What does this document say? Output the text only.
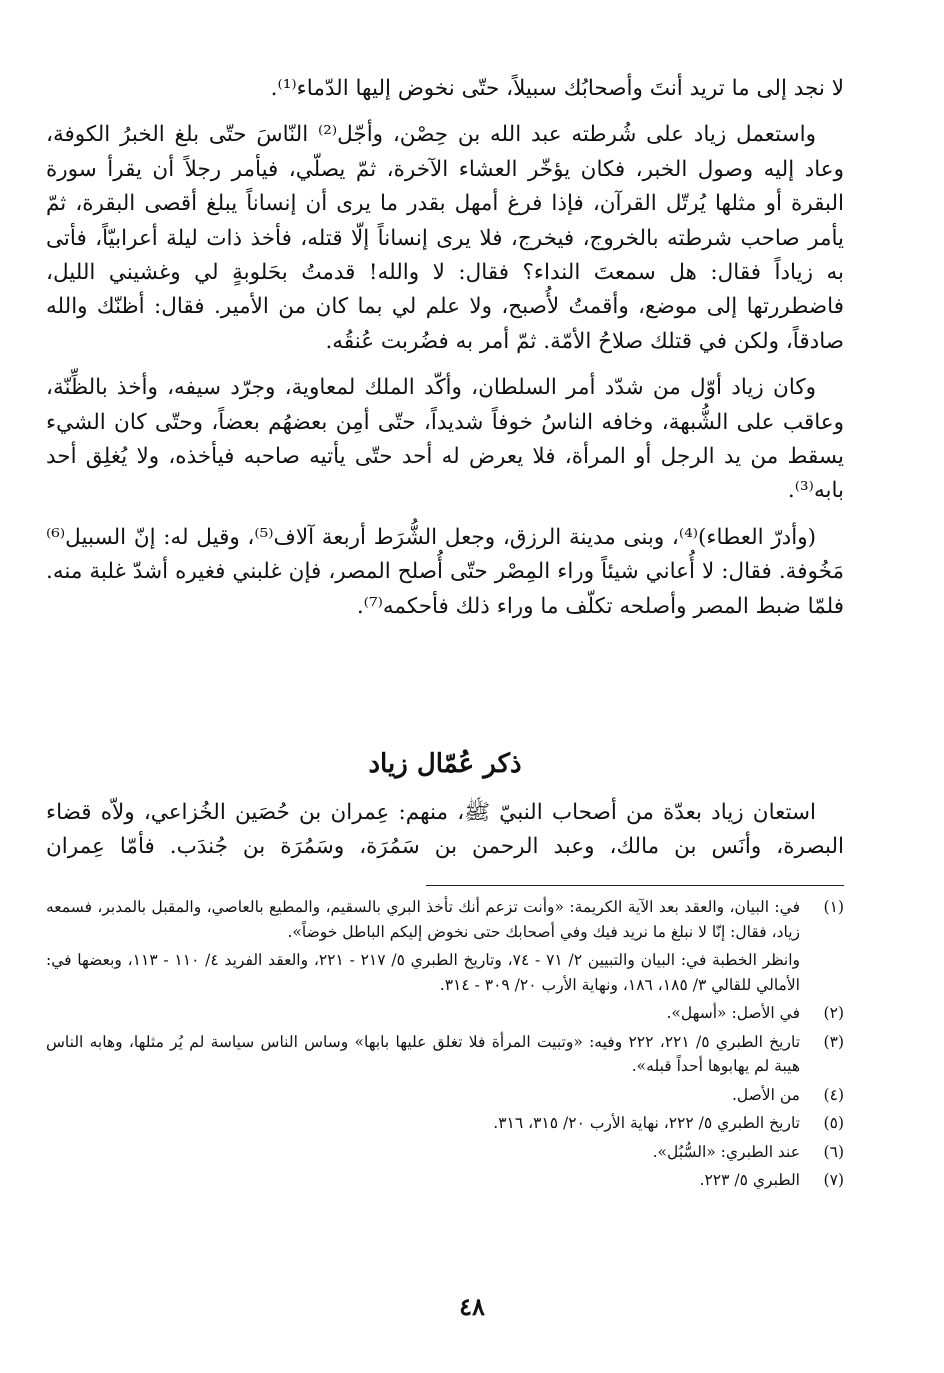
لا نجد إلى ما تريد أنتَ وأصحابُك سبيلاً، حتّى نخوض إليها الدّماء⁽¹⁾.

واستعمل زياد على شُرطته عبد الله بن حِصْن، وأجّل⁽²⁾ النّاسَ حتّى بلغ الخبرُ الكوفة، وعاد إليه وصول الخبر، فكان يؤخّر العشاء الآخرة، ثمّ يصلّي، فيأمر رجلاً أن يقرأ سورة البقرة أو مثلها يُرتّل القرآن، فإذا فرغ أمهل بقدر ما يرى أن إنساناً يبلغ أقصى البقرة، ثمّ يأمر صاحب شرطته بالخروج، فيخرج، فلا يرى إنساناً إلّا قتله، فأخذ ذات ليلة أعرابيّاً، فأتى به زياداً فقال: هل سمعتَ النداء؟ فقال: لا والله! قدمتُ بحَلوبةٍ لي وغشيني الليل، فاضطررتها إلى موضع، وأقمتُ لأُصبح، ولا علم لي بما كان من الأمير. فقال: أظنّك والله صادقاً، ولكن في قتلك صلاحُ الأمّة. ثمّ أمر به فضُربت عُنقُه.

وكان زياد أوّل من شدّد أمر السلطان، وأكّد الملك لمعاوية، وجرّد سيفه، وأخذ بالظِّنّة، وعاقب على الشُّبهة، وخافه الناسُ خوفاً شديداً، حتّى أمِن بعضهُم بعضاً، وحتّى كان الشيء يسقط من يد الرجل أو المرأة، فلا يعرض له أحد حتّى يأتيه صاحبه فيأخذه، ولا يُغلِق أحد بابه⁽³⁾.

(وأدرّ العطاء)⁽⁴⁾، وبنى مدينة الرزق، وجعل الشُّرَط أربعة آلاف⁽⁵⁾، وقيل له: إنّ السبيل⁽⁶⁾ مَخُوفة. فقال: لا أُعاني شيئاً وراء المِصْر حتّى أُصلح المصر، فإن غلبني فغيره أشدّ غلبة منه. فلمّا ضبط المصر وأصلحه تكلّف ما وراء ذلك فأحكمه⁽⁷⁾.

ذكر عُمّال زياد

استعان زياد بعدّة من أصحاب النبيّ ﷺ، منهم: عِمران بن حُصَين الخُزاعي، ولاّه قضاء البصرة، وأنَس بن مالك، وعبد الرحمن بن سَمُرَة، وسَمُرَة بن جُندَب. فأمّا عِمران

(١)
في: البيان، والعقد بعد الآية الكريمة: «وأنت تزعم أنك تأخذ البري بالسقيم، والمطيع بالعاصي، والمقبل بالمدبر، فسمعه زياد، فقال: إنّا لا نبلغ ما نريد فيك وفي أصحابك حتى نخوض إليكم الباطل خوضاً».
وانظر الخطبة في: البيان والتبيين ٢/ ٧١ - ٧٤، وتاريخ الطبري ٥/ ٢١٧ - ٢٢١، والعقد الفريد ٤/ ١١٠ - ١١٣، وبعضها في: الأمالي للقالي ٣/ ١٨٥، ١٨٦، ونهاية الأرب ٢٠/ ٣٠٩ - ٣١٤.
(٢)
في الأصل: «أسهل».
(٣)
تاريخ الطبري ٥/ ٢٢١، ٢٢٢ وفيه: «وتبيت المرأة فلا تغلق عليها بابها» وساس الناس سياسة لم يُر مثلها، وهابه الناس هيبة لم يهابوها أحداً قبله».
(٤)
من الأصل.
(٥)
تاريخ الطبري ٥/ ٢٢٢، نهاية الأرب ٢٠/ ٣١٥، ٣١٦.
(٦)
عند الطبري: «السُّبُل».
(٧)
الطبري ٥/ ٢٢٣.
٤٨
